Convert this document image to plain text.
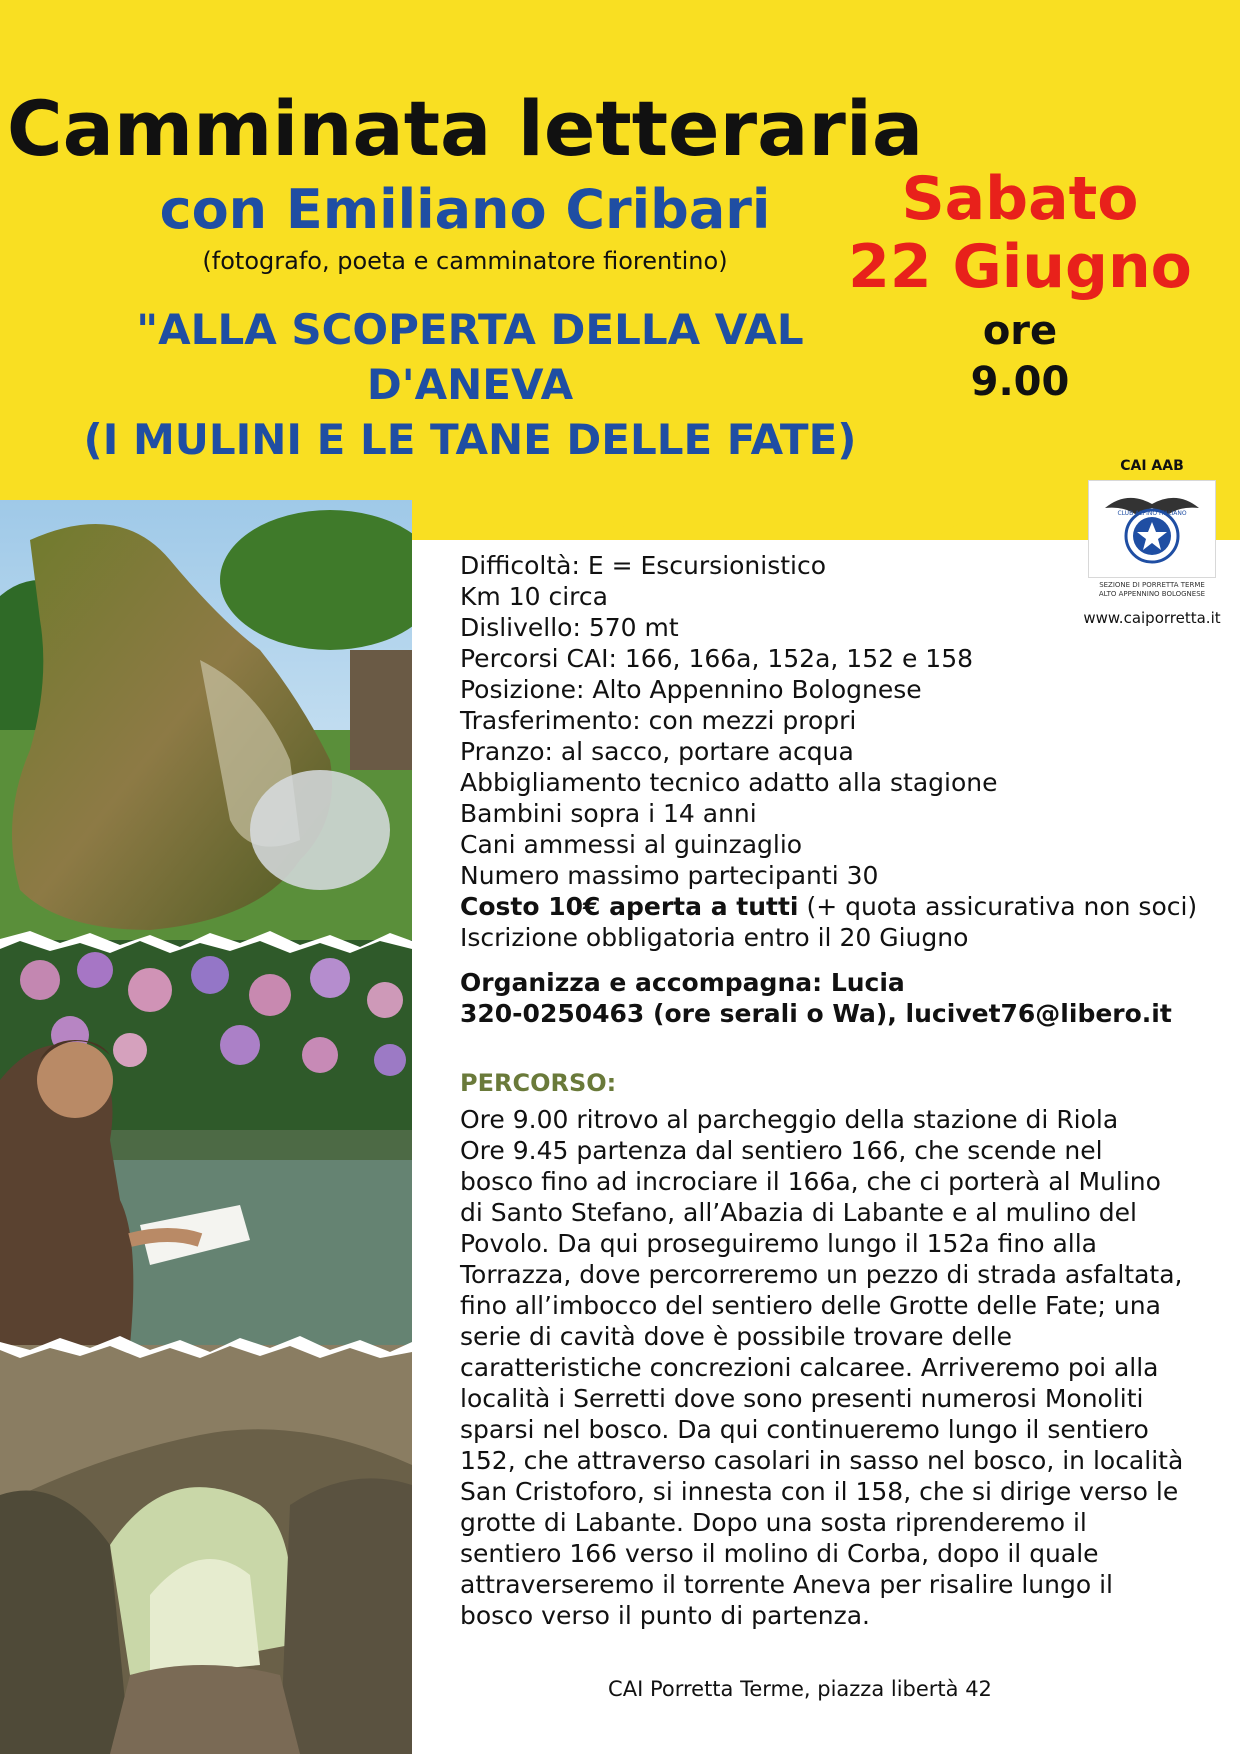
Camminata letteraria
con Emiliano Cribari

(fotografo, poeta e camminatore fiorentino)

"ALLA SCOPERTA DELLA VAL
D'ANEVA
(I MULINI E LE TANE DELLE FATE)
Sabato
22 Giugno
ore
9.00
CAI AAB
CLUB ALPINO ITALIANO
SEZIONE DI PORRETTA TERME
ALTO APPENNINO BOLOGNESE
www.caiporretta.it
Difficoltà: E = Escursionistico
Km 10 circa
Dislivello: 570 mt
Percorsi CAI: 166, 166a, 152a, 152 e 158
Posizione: Alto Appennino Bolognese
Trasferimento: con mezzi propri
Pranzo: al sacco, portare acqua
Abbigliamento tecnico adatto alla stagione
Bambini sopra i 14 anni
Cani ammessi al guinzaglio
Numero massimo partecipanti 30
Costo 10€ aperta a tutti (+ quota assicurativa non soci)
Iscrizione obbligatoria entro il 20 Giugno
Organizza e accompagna: Lucia
320-0250463 (ore serali o Wa), lucivet76@libero.it
PERCORSO:
Ore 9.00 ritrovo al parcheggio della stazione di Riola
Ore 9.45 partenza dal sentiero 166, che scende nel
bosco fino ad incrociare il 166a, che ci porterà al Mulino
di Santo Stefano, all’Abazia di Labante e al mulino del
Povolo. Da qui proseguiremo lungo il 152a fino alla
Torrazza, dove percorreremo un pezzo di strada asfaltata,
fino all’imbocco del sentiero delle Grotte delle Fate; una
serie di cavità dove è possibile trovare delle
caratteristiche concrezioni calcaree. Arriveremo poi alla
località i Serretti dove sono presenti numerosi Monoliti
sparsi nel bosco. Da qui continueremo lungo il sentiero
152, che attraverso casolari in sasso nel bosco, in località
San Cristoforo, si innesta con il 158, che si dirige verso le
grotte di Labante. Dopo una sosta riprenderemo il
sentiero 166 verso il molino di Corba, dopo il quale
attraverseremo il torrente Aneva per risalire lungo il
bosco verso il punto di partenza.
CAI Porretta Terme, piazza libertà 42
